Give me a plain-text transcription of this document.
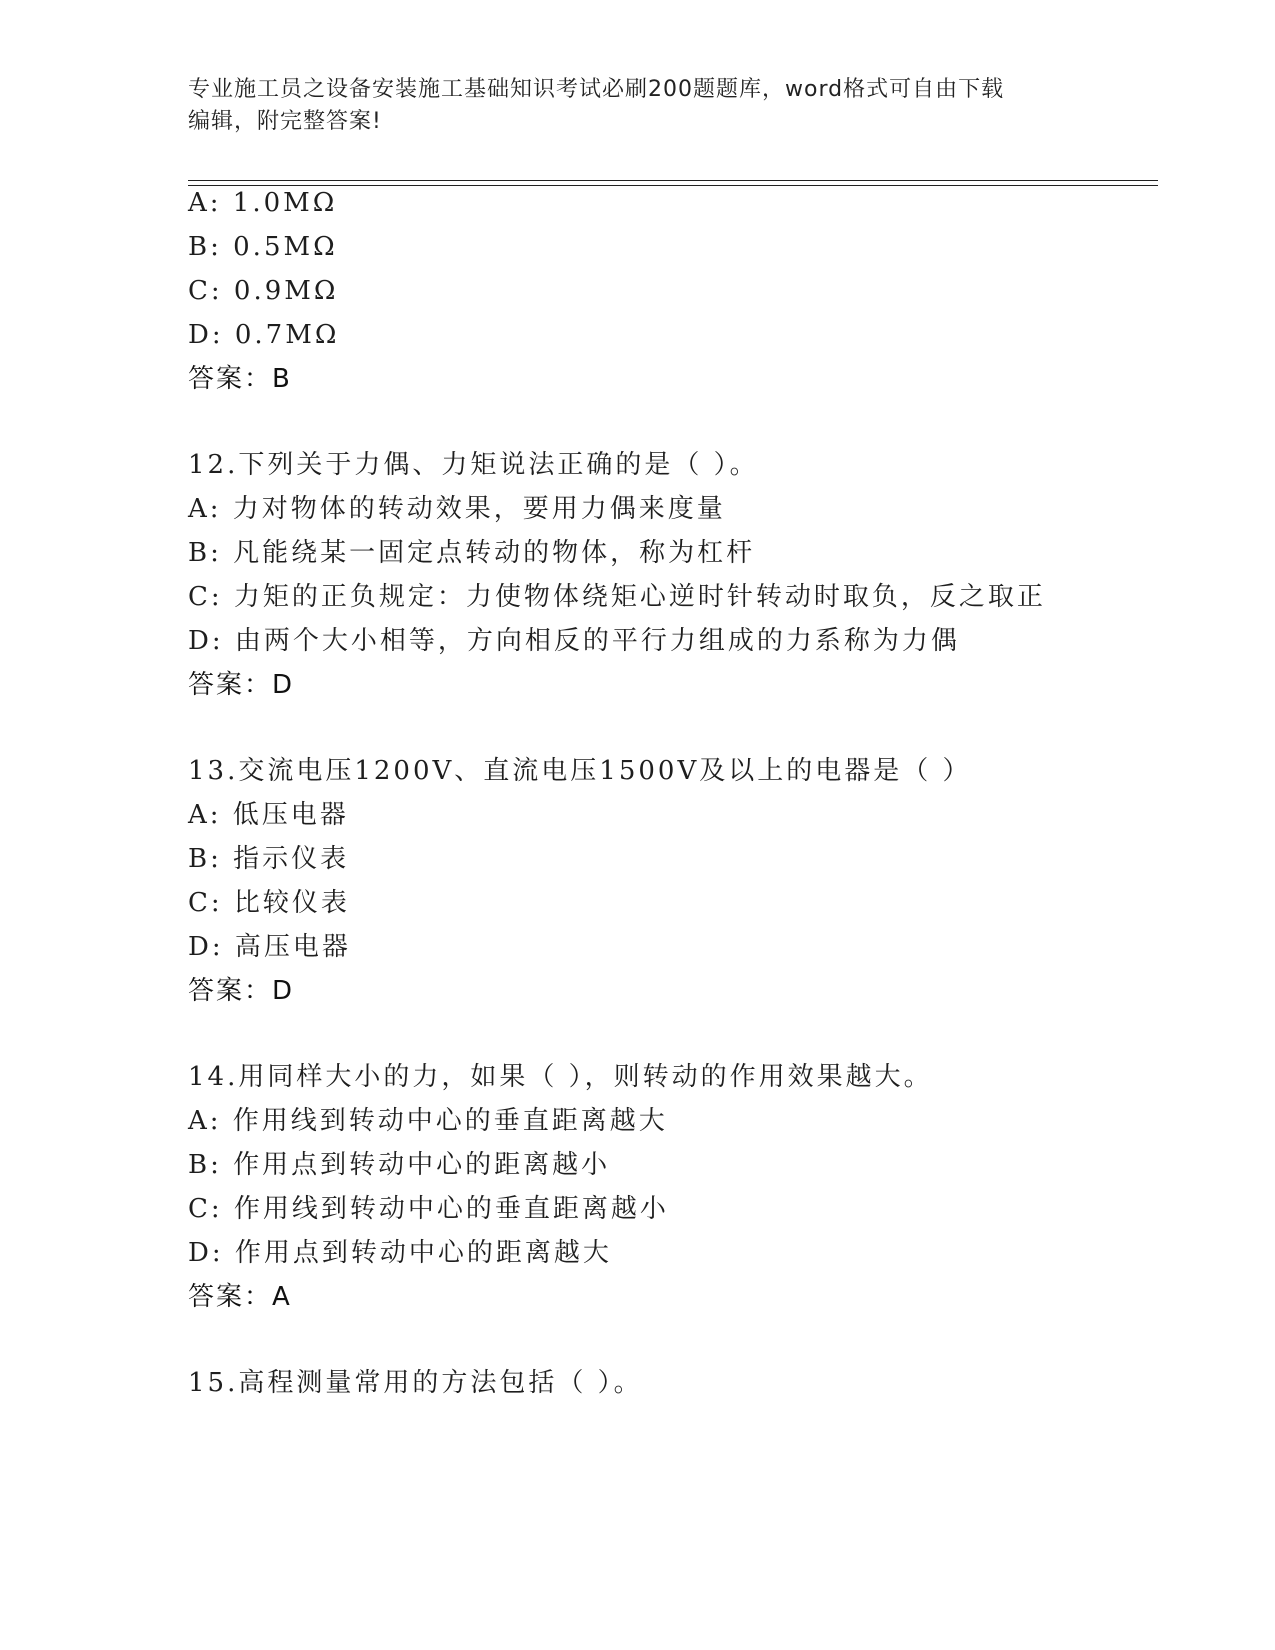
专业施工员之设备安装施工基础知识考试必刷200题题库，word格式可自由下载
编辑，附完整答案!
A: 1.0MΩ
B: 0.5MΩ
C: 0.9MΩ
D: 0.7MΩ
答案：B
12.下列关于力偶、力矩说法正确的是（ ）。
A: 力对物体的转动效果，要用力偶来度量
B: 凡能绕某一固定点转动的物体，称为杠杆
C: 力矩的正负规定：力使物体绕矩心逆时针转动时取负，反之取正
D: 由两个大小相等，方向相反的平行力组成的力系称为力偶
答案：D
13.交流电压1200V、直流电压1500V及以上的电器是（ ）
A: 低压电器
B: 指示仪表
C: 比较仪表
D: 高压电器
答案：D
14.用同样大小的力，如果（ ），则转动的作用效果越大。
A: 作用线到转动中心的垂直距离越大
B: 作用点到转动中心的距离越小
C: 作用线到转动中心的垂直距离越小
D: 作用点到转动中心的距离越大
答案：A
15.高程测量常用的方法包括（ ）。
